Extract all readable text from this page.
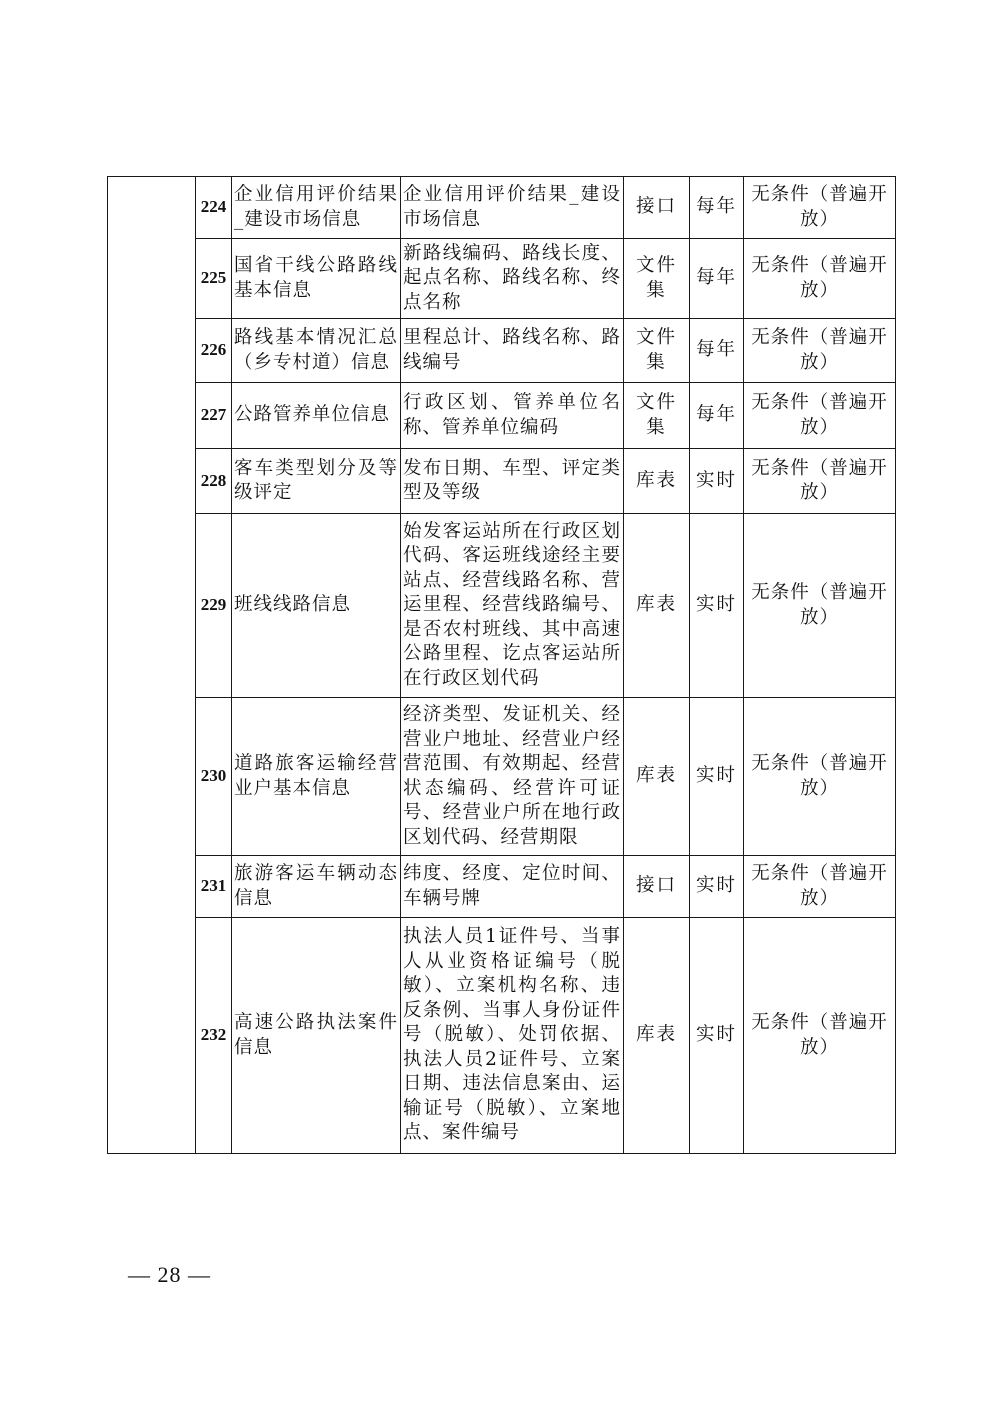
	224	企业信用评价结果_建设市场信息	企业信用评价结果_建设市场信息	接口	每年	无条件（普遍开放）
	225	国省干线公路路线基本信息	新路线编码、路线长度、起点名称、路线名称、终点名称	文件集	每年	无条件（普遍开放）
	226	路线基本情况汇总（乡专村道）信息	里程总计、路线名称、路线编号	文件集	每年	无条件（普遍开放）
	227	公路管养单位信息	行政区划、管养单位名称、管养单位编码	文件集	每年	无条件（普遍开放）
	228	客车类型划分及等级评定	发布日期、车型、评定类型及等级	库表	实时	无条件（普遍开放）
	229	班线线路信息	始发客运站所在行政区划代码、客运班线途经主要站点、经营线路名称、营运里程、经营线路编号、是否农村班线、其中高速公路里程、讫点客运站所在行政区划代码	库表	实时	无条件（普遍开放）
	230	道路旅客运输经营业户基本信息	经济类型、发证机关、经营业户地址、经营业户经营范围、有效期起、经营状态编码、经营许可证号、经营业户所在地行政区划代码、经营期限	库表	实时	无条件（普遍开放）
	231	旅游客运车辆动态信息	纬度、经度、定位时间、车辆号牌	接口	实时	无条件（普遍开放）
	232	高速公路执法案件信息	执法人员1证件号、当事人从业资格证编号（脱敏）、立案机构名称、违反条例、当事人身份证件号（脱敏）、处罚依据、执法人员2证件号、立案日期、违法信息案由、运输证号（脱敏）、立案地点、案件编号	库表	实时	无条件（普遍开放）
— 28 —
